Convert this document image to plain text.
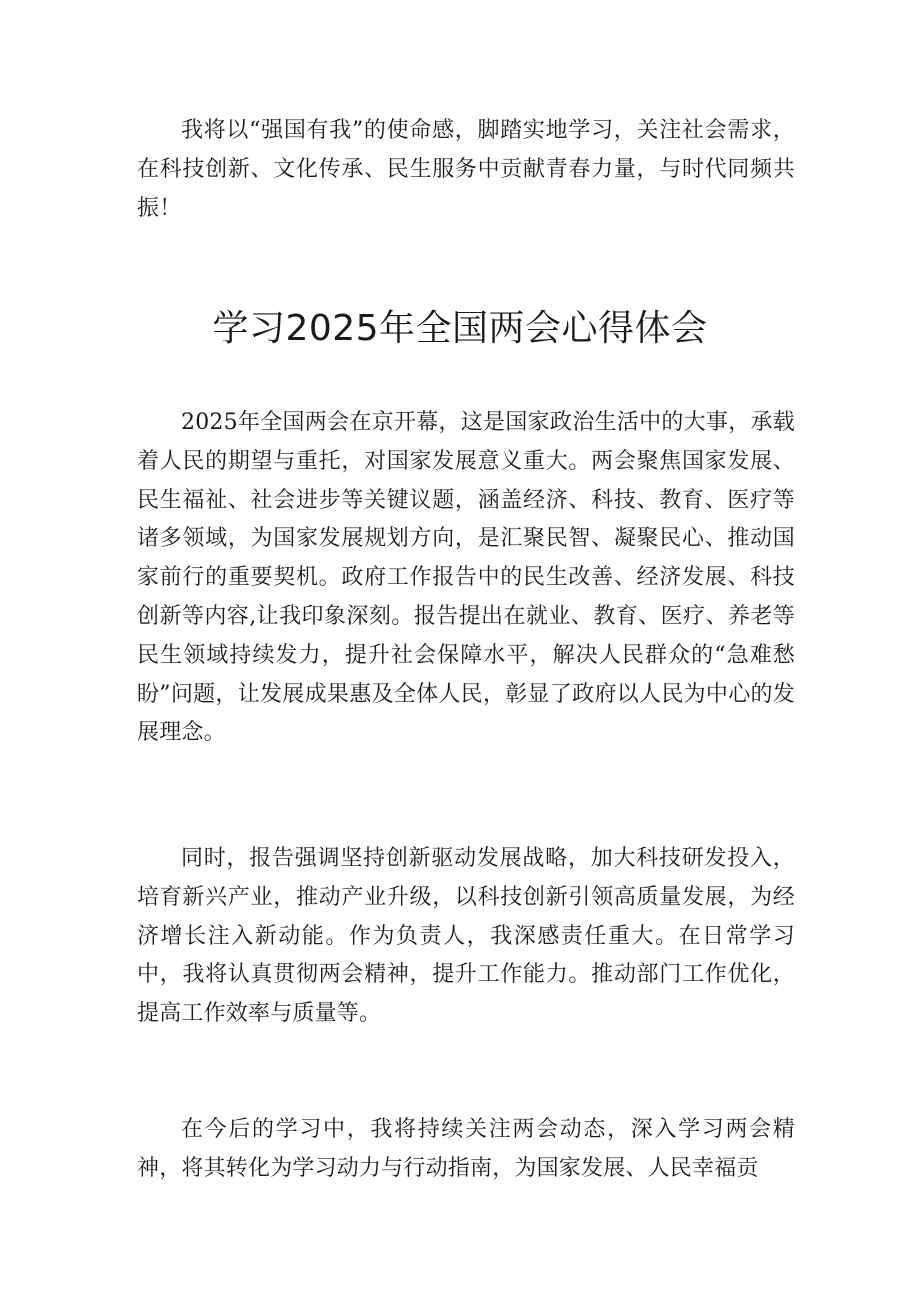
我将以“强国有我”的使命感，脚踏实地学习，关注社会需求，在科技创新、文化传承、民生服务中贡献青春力量，与时代同频共振！

学习2025年全国两会心得体会

2025年全国两会在京开幕，这是国家政治生活中的大事，承载着人民的期望与重托，对国家发展意义重大。两会聚焦国家发展、民生福祉、社会进步等关键议题，涵盖经济、科技、教育、医疗等诸多领域，为国家发展规划方向，是汇聚民智、凝聚民心、推动国家前行的重要契机。政府工作报告中的民生改善、经济发展、科技创新等内容,让我印象深刻。报告提出在就业、教育、医疗、养老等民生领域持续发力，提升社会保障水平，解决人民群众的“急难愁盼”问题，让发展成果惠及全体人民，彰显了政府以人民为中心的发展理念。

同时，报告强调坚持创新驱动发展战略，加大科技研发投入，培育新兴产业，推动产业升级，以科技创新引领高质量发展，为经济增长注入新动能。作为负责人，我深感责任重大。在日常学习中，我将认真贯彻两会精神，提升工作能力。推动部门工作优化，提高工作效率与质量等。

在今后的学习中，我将持续关注两会动态，深入学习两会精神，将其转化为学习动力与行动指南，为国家发展、人民幸福贡
